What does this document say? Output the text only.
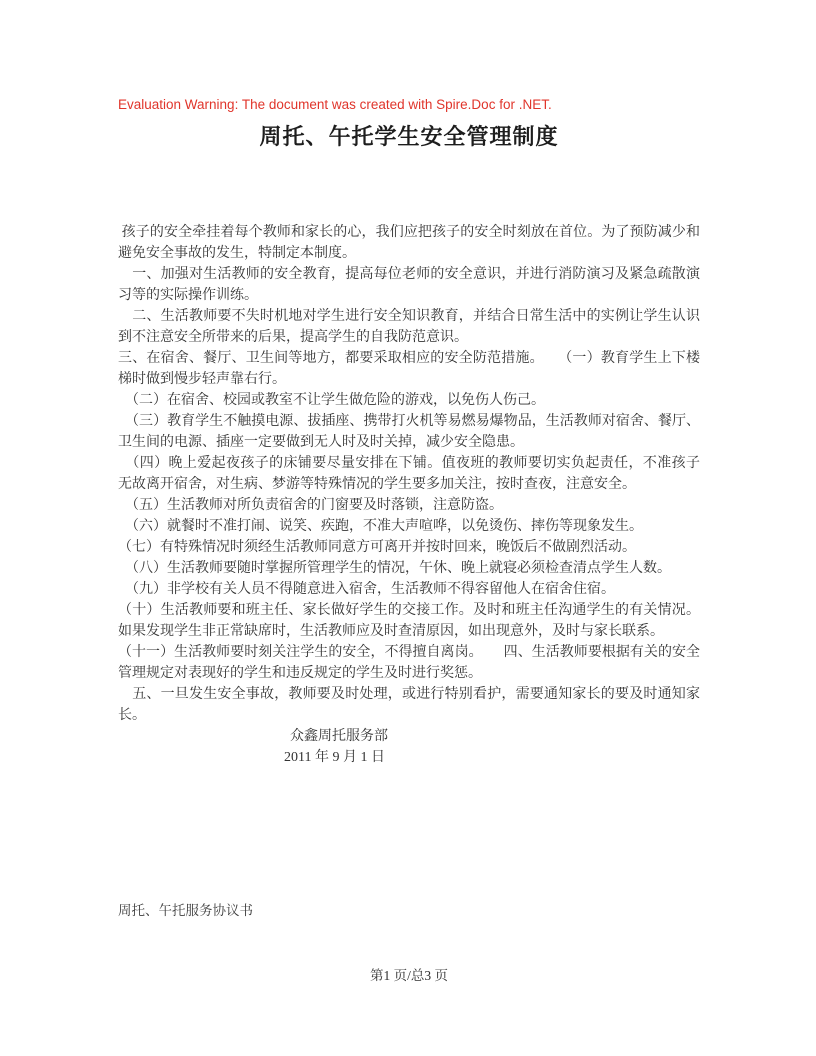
Evaluation Warning: The document was created with Spire.Doc for .NET.
周托、午托学生安全管理制度
孩子的安全牵挂着每个教师和家长的心，我们应把孩子的安全时刻放在首位。为了预防减少和
避免安全事故的发生，特制定本制度。
　一、加强对生活教师的安全教育，提高每位老师的安全意识，并进行消防演习及紧急疏散演
习等的实际操作训练。
　二、生活教师要不失时机地对学生进行安全知识教育，并结合日常生活中的实例让学生认识
到不注意安全所带来的后果，提高学生的自我防范意识。
三、在宿舍、餐厅、卫生间等地方，都要采取相应的安全防范措施。　　（一）教育学生上下楼
梯时做到慢步轻声靠右行。
　（二）在宿舍、校园或教室不让学生做危险的游戏，以免伤人伤己。
　（三）教育学生不触摸电源、拔插座、携带打火机等易燃易爆物品，生活教师对宿舍、餐厅、
卫生间的电源、插座一定要做到无人时及时关掉，减少安全隐患。
　（四）晚上爱起夜孩子的床铺要尽量安排在下铺。值夜班的教师要切实负起责任，不准孩子
无故离开宿舍，对生病、梦游等特殊情况的学生要多加关注，按时查夜，注意安全。
　（五）生活教师对所负责宿舍的门窗要及时落锁，注意防盗。
　（六）就餐时不准打闹、说笑、疾跑，不准大声喧哗，以免烫伤、摔伤等现象发生。
（七）有特殊情况时须经生活教师同意方可离开并按时回来，晚饭后不做剧烈活动。
　（八）生活教师要随时掌握所管理学生的情况，午休、晚上就寝必须检查清点学生人数。
　（九）非学校有关人员不得随意进入宿舍，生活教师不得容留他人在宿舍住宿。
（十）生活教师要和班主任、家长做好学生的交接工作。及时和班主任沟通学生的有关情况。
如果发现学生非正常缺席时，生活教师应及时查清原因，如出现意外，及时与家长联系。
（十一）生活教师要时刻关注学生的安全，不得擅自离岗。　　四、生活教师要根据有关的安全
管理规定对表现好的学生和违反规定的学生及时进行奖惩。
　五、一旦发生安全事故，教师要及时处理，或进行特别看护，需要通知家长的要及时通知家
长。
众鑫周托服务部
2011 年 9 月 1 日
周托、午托服务协议书
第1 页/总3 页
